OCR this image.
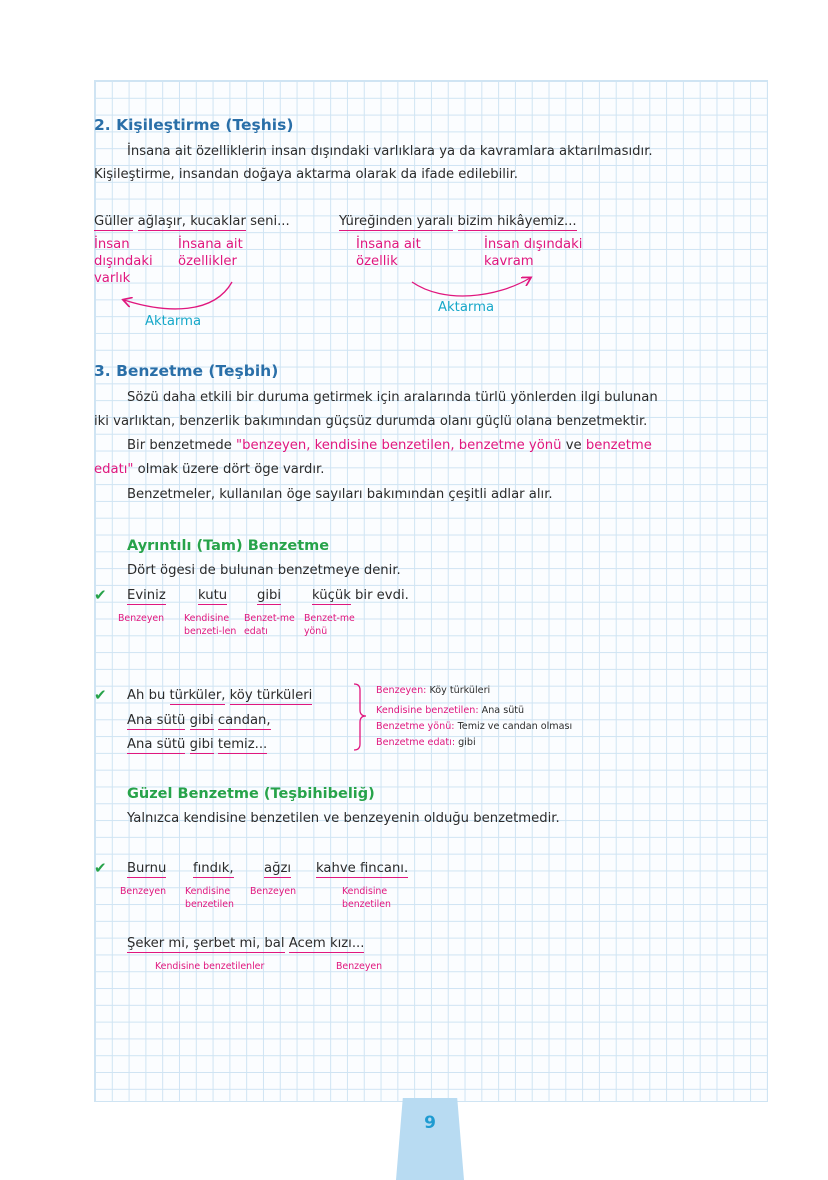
2. Kişileştirme (Teşhis)
İnsana ait özelliklerin insan dışındaki varlıklara ya da kavramlara aktarılmasıdır.
Kişileştirme, insandan doğaya aktarma olarak da ifade edilebilir.
Güller ağlaşır, kucaklar seni...
İnsan dışındaki varlık
İnsana ait özellikler
Aktarma
Yüreğinden yaralı bizim hikâyemiz...
İnsana ait özellik
İnsan dışındaki kavram
Aktarma
3. Benzetme (Teşbih)
Sözü daha etkili bir duruma getirmek için aralarında türlü yönlerden ilgi bulunan
iki varlıktan, benzerlik bakımından güçsüz durumda olanı güçlü olana benzetmektir.
Bir benzetmede "benzeyen, kendisine benzetilen, benzetme yönü ve benzetme
edatı" olmak üzere dört öge vardır.
Benzetmeler, kullanılan öge sayıları bakımından çeşitli adlar alır.
Ayrıntılı (Tam) Benzetme
Dört ögesi de bulunan benzetmeye denir.
✔ Eviniz kutu gibi küçük bir evdi.
Benzeyen	Kendisine benzeti-len
Benzet-me edatı
Benzet-me yönü
✔ Ah bu türküler, köy türküleri
Ana sütü gibi candan,
Ana sütü gibi temiz...
Benzeyen: Köy türküleri
Kendisine benzetilen: Ana sütü
Benzetme yönü: Temiz ve candan olması
Benzetme edatı: gibi
Güzel Benzetme (Teşbihibeliğ)
Yalnızca kendisine benzetilen ve benzeyenin olduğu benzetmedir.
✔ Burnu fındık, ağzı kahve fincanı.
Benzeyen	Kendisine benzetilen
Benzeyen	Kendisine benzetilen
Şeker mi, şerbet mi, bal Acem kızı...
Kendisine benzetilenler	Benzeyen
9
